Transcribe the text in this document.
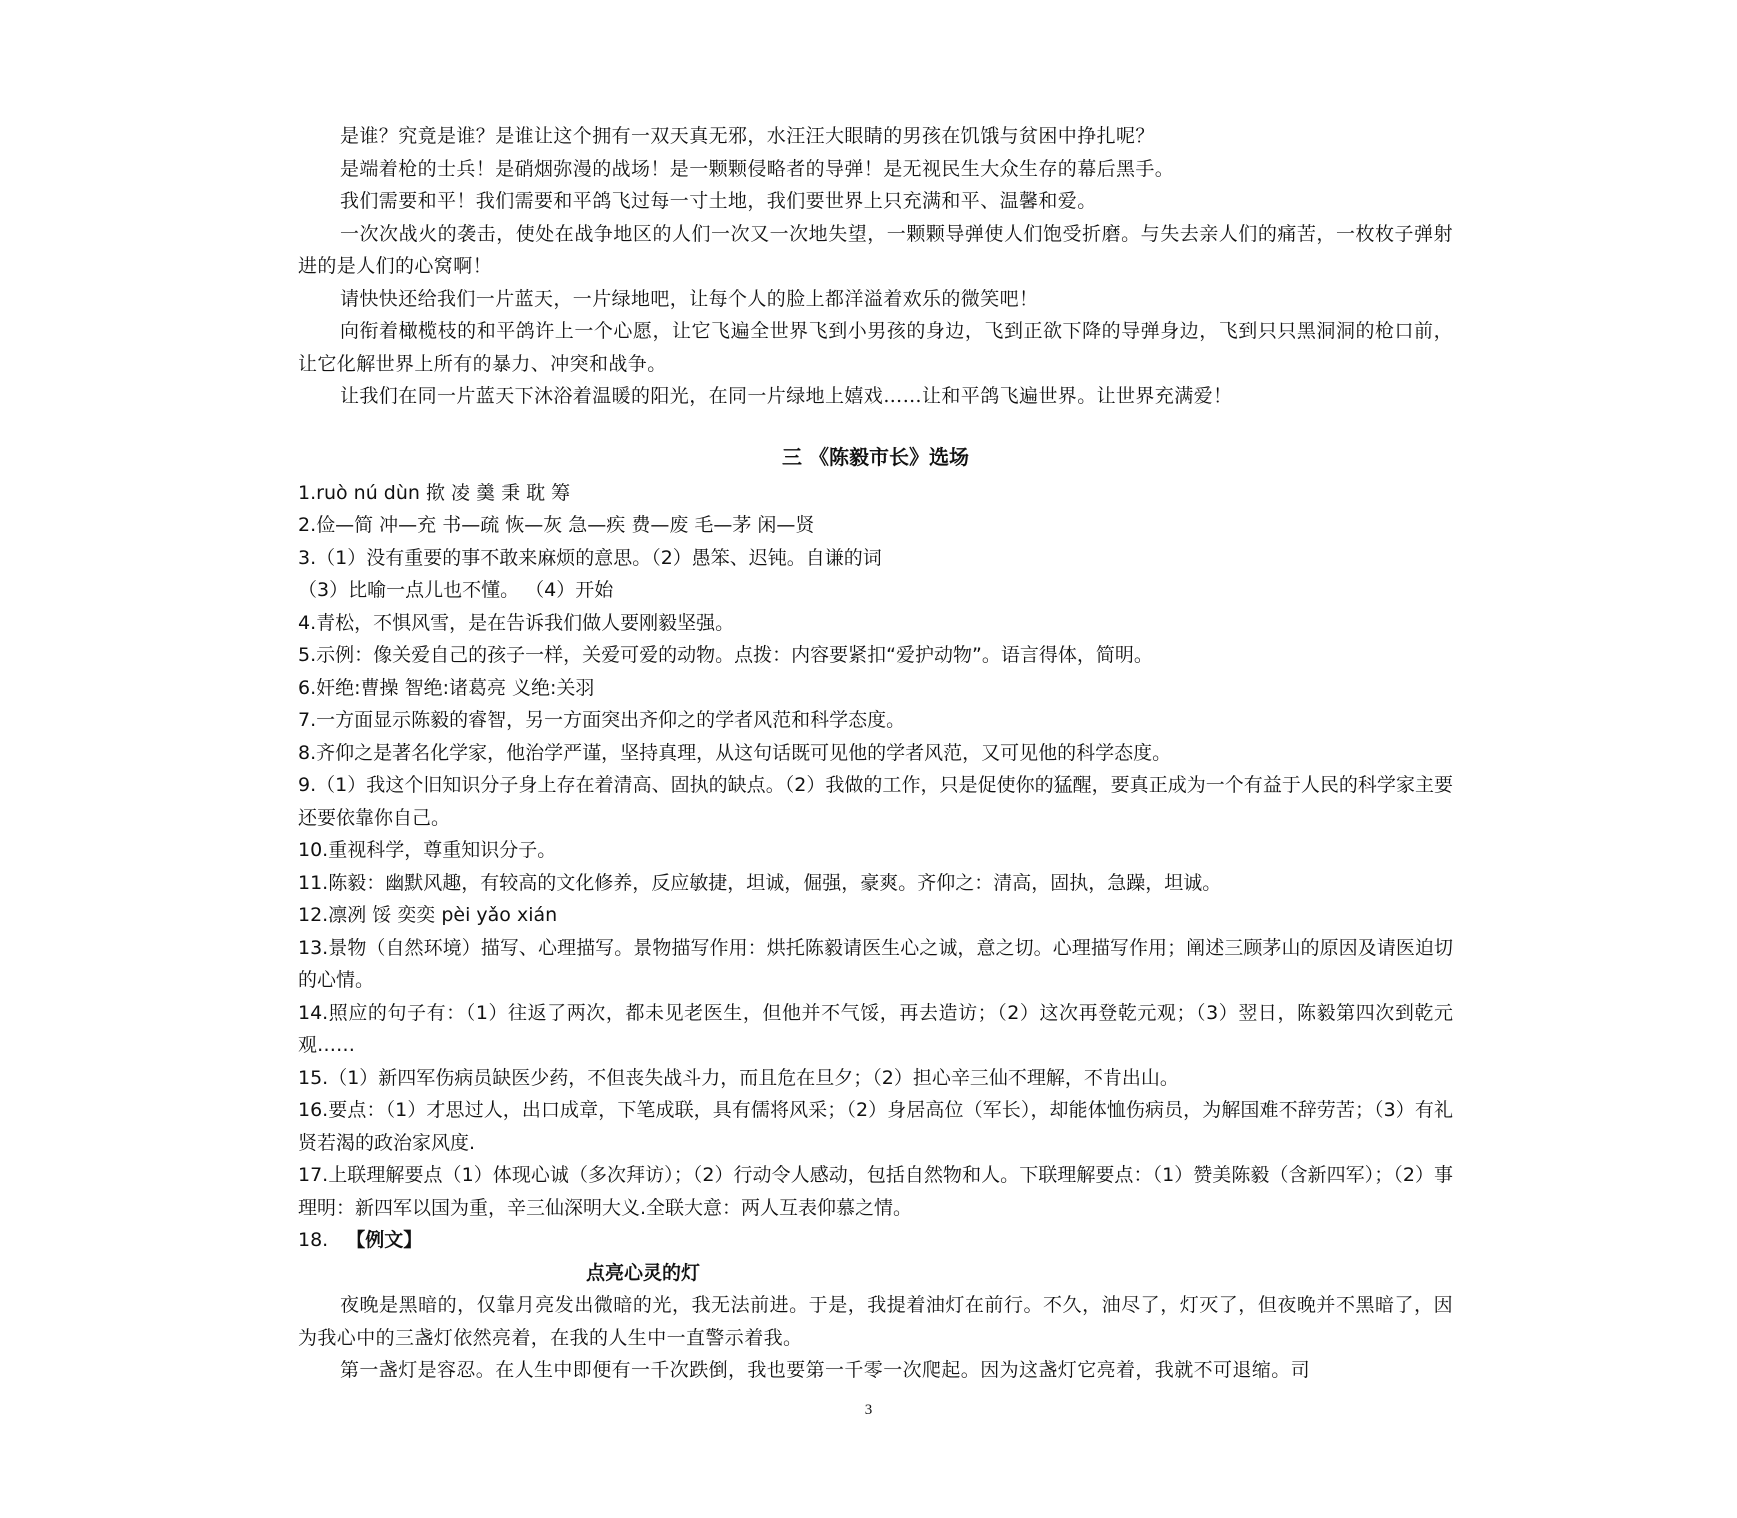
是谁？究竟是谁？是谁让这个拥有一双天真无邪，水汪汪大眼睛的男孩在饥饿与贫困中挣扎呢？

是端着枪的士兵！是硝烟弥漫的战场！是一颗颗侵略者的导弹！是无视民生大众生存的幕后黑手。

我们需要和平！我们需要和平鸽飞过每一寸土地，我们要世界上只充满和平、温馨和爱。

一次次战火的袭击，使处在战争地区的人们一次又一次地失望，一颗颗导弹使人们饱受折磨。与失去亲人们的痛苦，一枚枚子弹射进的是人们的心窝啊！

请快快还给我们一片蓝天，一片绿地吧，让每个人的脸上都洋溢着欢乐的微笑吧！

向衔着橄榄枝的和平鸽许上一个心愿，让它飞遍全世界飞到小男孩的身边，飞到正欲下降的导弹身边，飞到只只黑洞洞的枪口前，让它化解世界上所有的暴力、冲突和战争。

让我们在同一片蓝天下沐浴着温暖的阳光，在同一片绿地上嬉戏……让和平鸽飞遍世界。让世界充满爱！

三 《陈毅市长》选场

1.ruò nú dùn 揿 凌 羹 秉 耽 筹

2.俭—简 冲—充 书—疏 恢—灰 急—疾 费—废 毛—茅 闲—贤

3.（1）没有重要的事不敢来麻烦的意思。（2）愚笨、迟钝。自谦的词

（3）比喻一点儿也不懂。 （4）开始

4.青松，不惧风雪，是在告诉我们做人要刚毅坚强。

5.示例：像关爱自己的孩子一样，关爱可爱的动物。点拨：内容要紧扣“爱护动物”。语言得体，简明。

6.奸绝:曹操 智绝:诸葛亮 义绝:关羽

7.一方面显示陈毅的睿智，另一方面突出齐仰之的学者风范和科学态度。

8.齐仰之是著名化学家，他治学严谨，坚持真理，从这句话既可见他的学者风范，又可见他的科学态度。

9.（1）我这个旧知识分子身上存在着清高、固执的缺点。（2）我做的工作，只是促使你的猛醒，要真正成为一个有益于人民的科学家主要还要依靠你自己。

10.重视科学，尊重知识分子。

11.陈毅：幽默风趣，有较高的文化修养，反应敏捷，坦诚，倔强，豪爽。齐仰之：清高，固执，急躁，坦诚。

12.凛冽 馁 奕奕 pèi yǎo xián

13.景物（自然环境）描写、心理描写。景物描写作用：烘托陈毅请医生心之诚，意之切。心理描写作用；阐述三顾茅山的原因及请医迫切的心情。

14.照应的句子有：（1）往返了两次，都未见老医生，但他并不气馁，再去造访；（2）这次再登乾元观；（3）翌日，陈毅第四次到乾元观……

15.（1）新四军伤病员缺医少药，不但丧失战斗力，而且危在旦夕；（2）担心辛三仙不理解，不肯出山。

16.要点：（1）才思过人，出口成章，下笔成联，具有儒将风采；（2）身居高位（军长），却能体恤伤病员，为解国难不辞劳苦；（3）有礼贤若渴的政治家风度.

17.上联理解要点（1）体现心诚（多次拜访）；（2）行动令人感动，包括自然物和人。下联理解要点：（1）赞美陈毅（含新四军）；（2）事理明：新四军以国为重，辛三仙深明大义.全联大意：两人互表仰慕之情。

18. 【例文】

点亮心灵的灯

夜晚是黑暗的，仅靠月亮发出微暗的光，我无法前进。于是，我提着油灯在前行。不久，油尽了，灯灭了，但夜晚并不黑暗了，因为我心中的三盏灯依然亮着，在我的人生中一直警示着我。

第一盏灯是容忍。在人生中即便有一千次跌倒，我也要第一千零一次爬起。因为这盏灯它亮着，我就不可退缩。司

3
